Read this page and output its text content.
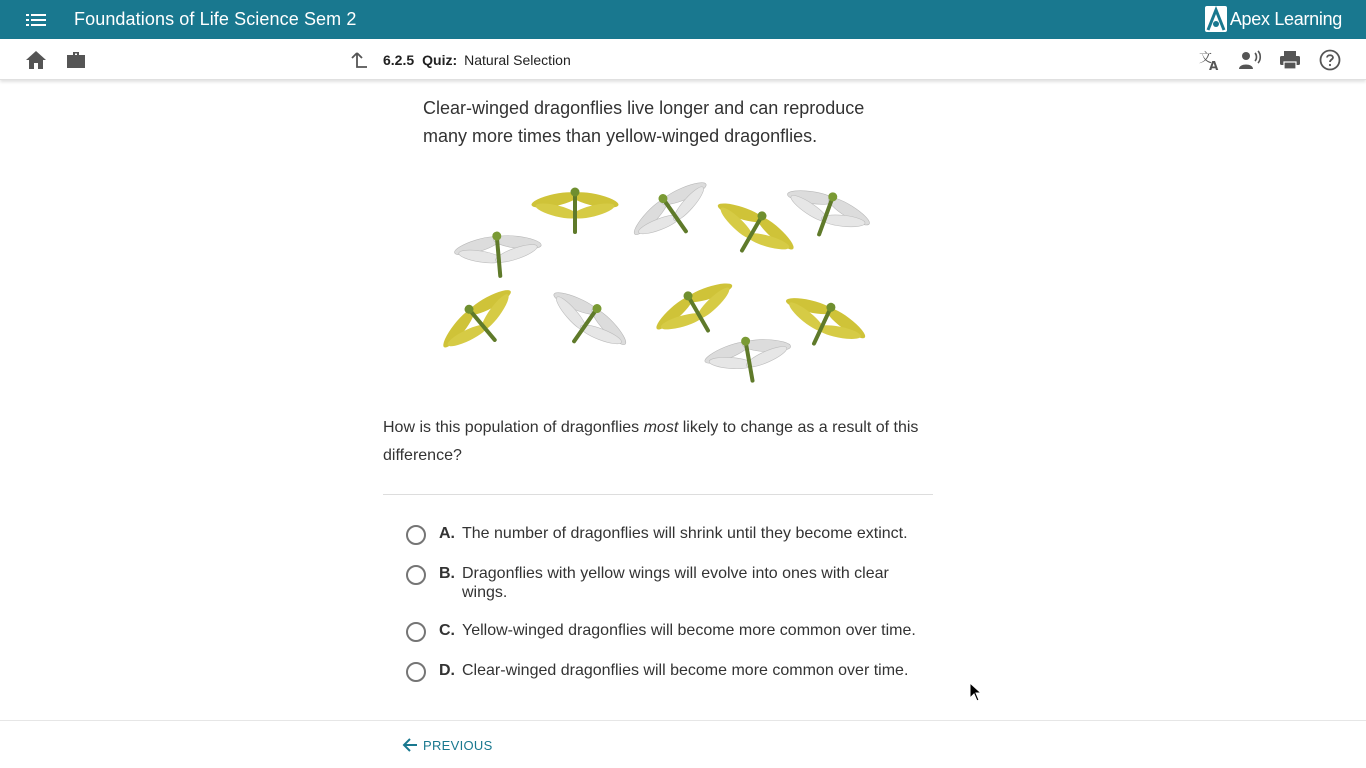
Foundations of Life Science Sem 2	Apex Learning
6.2.5 Quiz: Natural Selection	文
A
Clear-winged dragonflies live longer and can reproduce many more times than yellow-winged dragonflies.
How is this population of dragonflies most likely to change as a result of this difference?
A. The number of dragonflies will shrink until they become extinct.
B. Dragonflies with yellow wings will evolve into ones with clear wings.
C. Yellow-winged dragonflies will become more common over time.
D. Clear-winged dragonflies will become more common over time.
PREVIOUS
